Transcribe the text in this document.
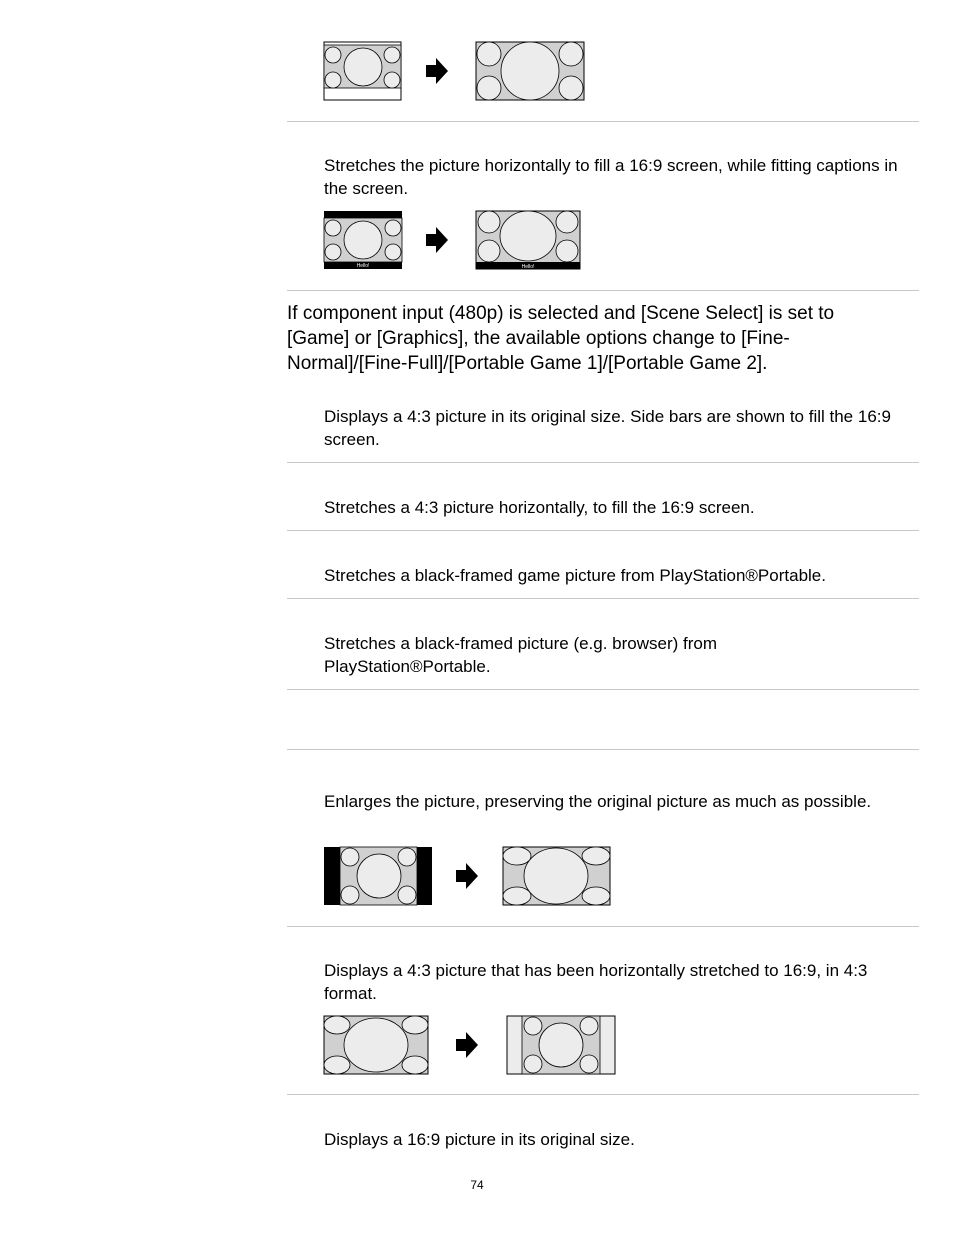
Stretches the picture horizontally to fill a 16:9 screen, while fitting captions in the screen.

Hello!	Hello!

If component input (480p) is selected and [Scene Select] is set to [Game] or [Graphics], the available options change to [Fine-Normal]/[Fine-Full]/[Portable Game 1]/[Portable Game 2].

Displays a 4:3 picture in its original size. Side bars are shown to fill the 16:9 screen.

Stretches a 4:3 picture horizontally, to fill the 16:9 screen.

Stretches a black-framed game picture from PlayStation®Portable.

Stretches a black-framed picture (e.g. browser) from PlayStation®Portable.

Enlarges the picture, preserving the original picture as much as possible.

Displays a 4:3 picture that has been horizontally stretched to 16:9, in 4:3 format.

Displays a 16:9 picture in its original size.

74
